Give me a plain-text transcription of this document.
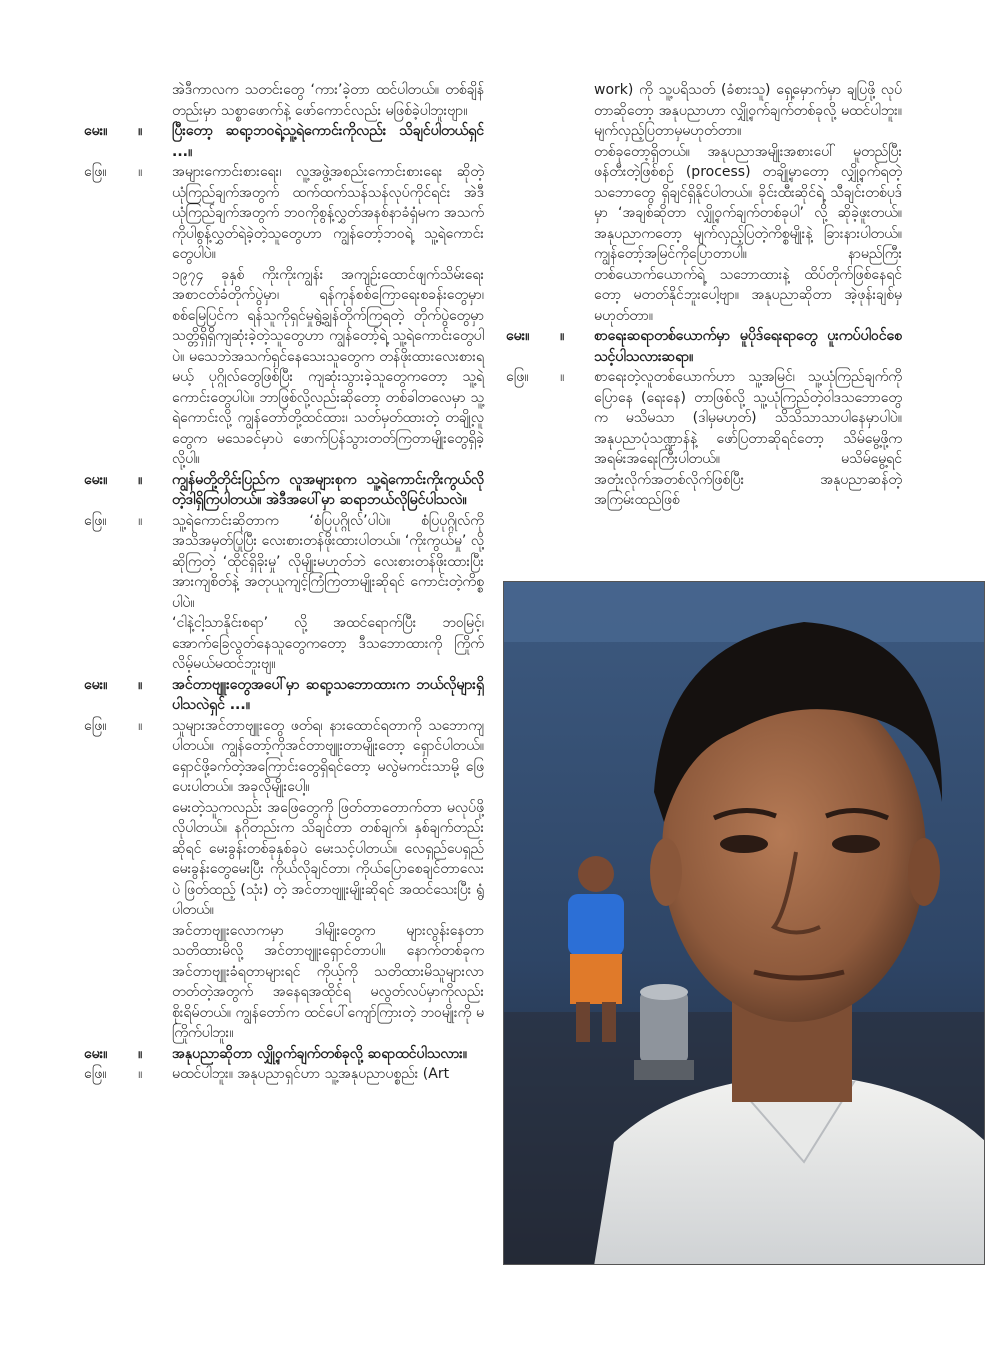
အဲဒီကာလက သတင်းတွေ ‘ကား’ခဲ့တာ ထင်ပါတယ်။ တစ်ချိန်တည်းမှာ သစ္စာဖောက်နဲ့ ဖော်ကောင်လည်း မဖြစ်ခဲ့ပါဘူးဗျာ။
မေး။	။	ပြီးတော့ ဆရာ့ဘဝရဲ့သူ့ရဲကောင်းကိုလည်း သိချင်ပါတယ်ရှင် ...။
ဖြေ။	။	အများကောင်းစားရေး၊ လူ့အဖွဲ့အစည်းကောင်းစားရေး ဆိုတဲ့ ယုံကြည်ချက်အတွက် ထက်ထက်သန်သန်လုပ်ကိုင်ရင်း အဲဒီယုံကြည်ချက်အတွက် ဘဝကိုစွန့်လွှတ်အနစ်နာခံရှံမက အသက်ကိုပါစွန့်လွှတ်ရဲခဲ့တဲ့သူတွေဟာ ကျွန်တော့်ဘဝရဲ့ သူ့ရဲကောင်းတွေပါပဲ။
၁၉၇၄ ခုနှစ် ကိုးကိုးကျွန်း အကျဉ်းထောင်ဖျက်သိမ်းရေး အစာငတ်ခံတိုက်ပွဲမှာ၊ ရန်ကုန်စစ်ကြောရေးစခန်းတွေမှာ၊ စစ်မြေပြင်က ရန်သူကိုရှင်မှုရွဲ့ချွန်တိုက်ကြရတဲ့ တိုက်ပွဲတွေမှာ သတ္တိရှိရှိကျဆုံးခဲ့တဲ့သူတွေဟာ ကျွန်တော့်ရဲ့ သူ့ရဲကောင်းတွေပါပဲ။ မသေဘဲအသက်ရှင်နေသေးသူတွေက တန်ဖိုးထားလေးစားရမယ့် ပုဂ္ဂိုလ်တွေဖြစ်ပြီး ကျဆုံးသွားခဲ့သူတွေကတော့ သူ့ရဲကောင်းတွေပါပဲ။ ဘာဖြစ်လို့လည်းဆိုတော့ တစ်ခါတလေမှာ သူ့ရဲကောင်းလို့ ကျွန်တော်တို့ထင်ထား၊ သတ်မှတ်ထားတဲ့ တချို့လူတွေက မသေခင်မှာပဲ ဖောက်ပြန်သွားတတ်ကြတာမျိုးတွေရှိခဲ့လို့ပါ။
မေး။	။	ကျွန်မတို့တိုင်းပြည်က လူအများစုက သူ့ရဲကောင်းကိုးကွယ်လိုတဲ့ဒါရှိကြပါတယ်။ အဲဒီအပေါ်မှာ ဆရာဘယ်လိုမြင်ပါသလဲ။
ဖြေ။	။	သူ့ရဲကောင်းဆိုတာက ‘စံပြပုဂ္ဂိုလ်’ပါပဲ။ စံပြပုဂ္ဂိုလ်ကို အသိအမှတ်ပြုပြီး လေးစားတန်ဖိုးထားပါတယ်။ ‘ကိုးကွယ်မှု’ လို့ဆိုကြတဲ့ ‘ထိုင်ရှိခိုးမှု’ လိုမျိုးမဟုတ်ဘဲ လေးစားတန်ဖိုးထားပြီး အားကျစိတ်နဲ့ အတုယူကျင့်ကြံကြတာမျိုးဆိုရင် ကောင်းတဲ့ကိစ္စပါပဲ။
‘ငါနဲ့ငါ့သာနိုင်းစရာ’ လို့ အထင်ရောက်ပြီး ဘဝမြင့်၊ အောက်ခြေလွတ်နေသူတွေကတော့ ဒီသဘောထားကို ကြိုက်လိမ့်မယ်မထင်ဘူးဗျ။
မေး။	။	အင်တာဗျူးတွေအပေါ်မှာ ဆရာ့သဘောထားက ဘယ်လိုများရှိပါသလဲရှင် ...။
ဖြေ။	။	သူများအင်တာဗျူးတွေ ဖတ်ရ၊ နားထောင်ရတာကို သဘောကျပါတယ်။ ကျွန်တော့်ကိုအင်တာဗျူးတာမျိုးတော့ ရှောင်ပါတယ်။ ရှောင်ဖို့ခက်တဲ့အကြောင်းတွေရှိရင်တော့ မလွဲမကင်းသာမို့ ဖြေပေးပါတယ်။ အခုလိုမျိုးပေါ့။
မေးတဲ့သူကလည်း အဖြေတွေကို ဖြတ်တာတောက်တာ မလုပ်ဖို့ လိုပါတယ်။ နဂိုတည်းက သိချင်တာ တစ်ချက်၊ နှစ်ချက်တည်းဆိုရင် မေးခွန်းတစ်ခုနှစ်ခုပဲ မေးသင့်ပါတယ်။ လေရှည်ပေရှည် မေးခွန်းတွေမေးပြီး ကိုယ်လိုချင်တာ၊ ကိုယ်ပြောစေချင်တာလေးပဲ ဖြတ်ထည့် (သုံး) တဲ့ အင်တာဗျူးမျိုးဆိုရင် အထင်သေးပြီး ရွံပါတယ်။
အင်တာဗျူးလောကမှာ ဒါမျိုးတွေက များလွန်းနေတာ သတိထားမိလို့ အင်တာဗျူးရှောင်တာပါ။ နောက်တစ်ခုက အင်တာဗျူးခံရတာများရင် ကိုယ့်ကို သတိထားမိသူများလာတတ်တဲ့အတွက် အနေရအထိုင်ရ မလွတ်လပ်မှာကိုလည်း စိုးရိမ်တယ်။ ကျွန်တော်က ထင်ပေါ်ကျော်ကြားတဲ့ ဘဝမျိုးကို မကြိုက်ပါဘူး။
မေး။	။	အနုပညာဆိုတာ လျှို့ဝှက်ချက်တစ်ခုလို့ ဆရာထင်ပါသလား။
ဖြေ။	။	မထင်ပါဘူး။ အနုပညာရှင်ဟာ သူ့အနုပညာပစ္စည်း (Art
work) ကို သူ့ပရိသတ် (ခံစားသူ) ရှေ့မှောက်မှာ ချပြဖို့ လုပ်တာဆိုတော့ အနုပညာဟာ လျှို့ဝှက်ချက်တစ်ခုလို့ မထင်ပါဘူး။ မျက်လှည့်ပြတာမှမဟုတ်တာ။
တစ်ခုတော့ရှိတယ်။ အနုပညာအမျိုးအစားပေါ် မူတည်ပြီး ဖန်တီးတဲ့ဖြစ်စဉ် (process) တချို့မှာတော့ လျှို့ဝှက်ရတဲ့ သဘောတွေ ရှိချင်ရှိနိုင်ပါတယ်။ ခိုင်းထီးဆိုင်ရဲ့ သီချင်းတစ်ပုဒ်မှာ ‘အချစ်ဆိုတာ လျှို့ဝှက်ချက်တစ်ခုပါ’ လို့ ဆိုခဲ့ဖူးတယ်။ အနုပညာကတော့ မျက်လှည့်ပြတဲ့ကိစ္စမျိုးနဲ့ ခြားနားပါတယ်။ ကျွန်တော့်အမြင်ကိုပြောတာပါ။ နာမည်ကြီးတစ်ယောက်ယောက်ရဲ့ သဘောထားနဲ့ ထိပ်တိုက်ဖြစ်နေရင်တော့ မတတ်နိုင်ဘူးပေါ့ဗျာ။ အနုပညာဆိုတာ အဲ့ဖုန်းချစ်မှမဟုတ်တာ။
မေး။	။	စာရေးဆရာတစ်ယောက်မှာ မူပိုဒ်ရေးရာတွေ ပူးကပ်ပါဝင်စေသင့်ပါသလားဆရာ။
ဖြေ။	။	စာရေးတဲ့လူတစ်ယောက်ဟာ သူ့အမြင်၊ သူ့ယုံကြည်ချက်ကို ပြောနေ (ရေးနေ) တာဖြစ်လို့ သူ့ယုံကြည်တဲ့ဝါဒသဘောတွေက မသိမသာ (ဒါမှမဟုတ်) သိသိသာသာပါနေမှာပါပဲ။ အနုပညာပုံသဏ္ဍာန်နဲ့ ဖော်ပြတာဆိုရင်တော့ သိမ်မွေ့ဖို့က အရမ်းအရေးကြီးပါတယ်။ မသိမ်မွေ့ရင် အတုံးလိုက်အတစ်လိုက်ဖြစ်ပြီး အနုပညာဆန်တဲ့ အကြမ်းထည်ဖြစ်
